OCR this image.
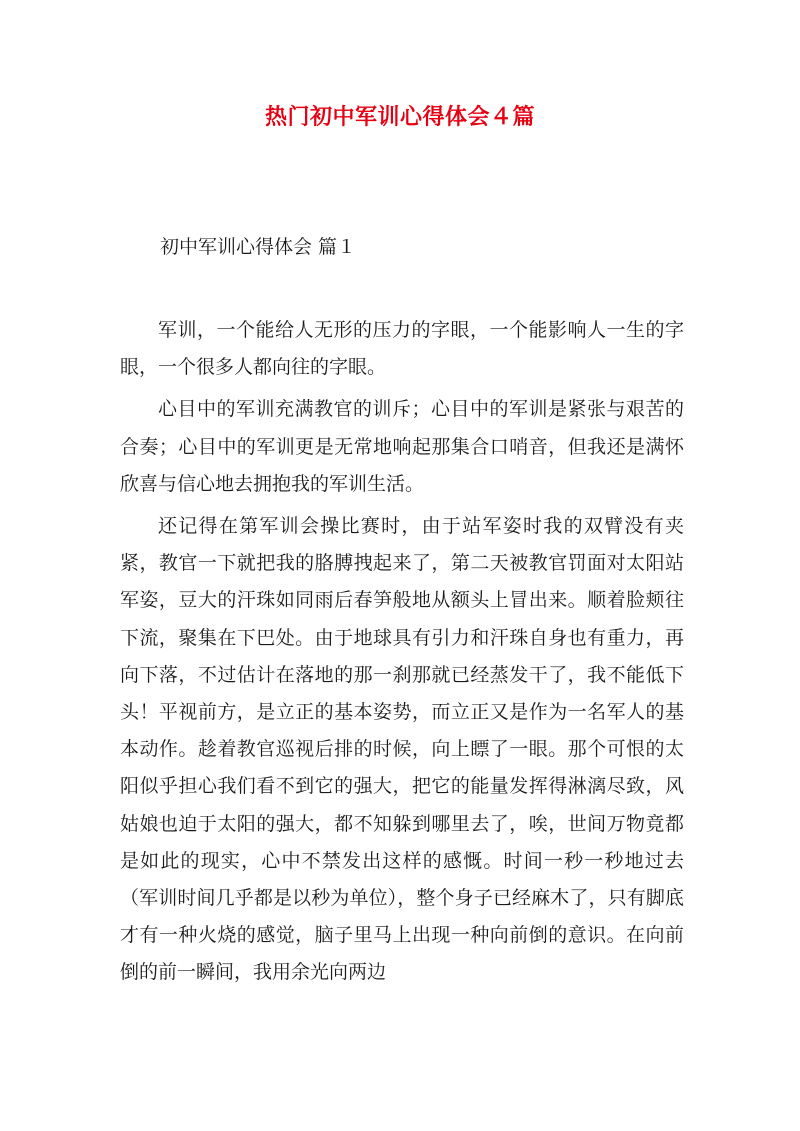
热门初中军训心得体会４篇
初中军训心得体会 篇１

军训，一个能给人无形的压力的字眼，一个能影响人一生的字眼，一个很多人都向往的字眼。

心目中的军训充满教官的训斥；心目中的军训是紧张与艰苦的合奏；心目中的军训更是无常地响起那集合口哨音，但我还是满怀欣喜与信心地去拥抱我的军训生活。

还记得在第军训会操比赛时，由于站军姿时我的双臂没有夹紧，教官一下就把我的胳膊拽起来了，第二天被教官罚面对太阳站军姿，豆大的汗珠如同雨后春笋般地从额头上冒出来。顺着脸颊往下流，聚集在下巴处。由于地球具有引力和汗珠自身也有重力，再向下落，不过估计在落地的那一刹那就已经蒸发干了，我不能低下头！平视前方，是立正的基本姿势，而立正又是作为一名军人的基本动作。趁着教官巡视后排的时候，向上瞟了一眼。那个可恨的太阳似乎担心我们看不到它的强大，把它的能量发挥得淋漓尽致，风姑娘也迫于太阳的强大，都不知躲到哪里去了，唉，世间万物竟都是如此的现实，心中不禁发出这样的感慨。时间一秒一秒地过去（军训时间几乎都是以秒为单位），整个身子已经麻木了，只有脚底才有一种火烧的感觉，脑子里马上出现一种向前倒的意识。在向前倒的前一瞬间，我用余光向两边
